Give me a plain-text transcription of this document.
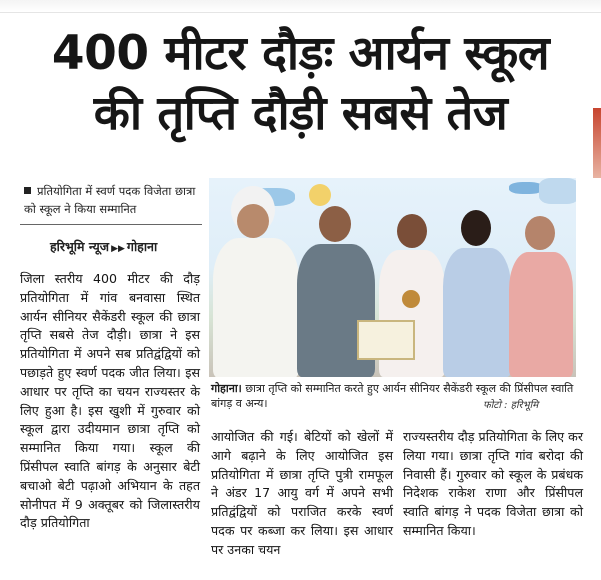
400 मीटर दौड़ः आर्यन स्कूल
की तृप्ति दौड़ी सबसे तेज
प्रतियोगिता में स्वर्ण पदक विजेता छात्रा को स्कूल ने किया सम्मानित
हरिभूमि न्यूज ▶▶ गोहाना
जिला स्तरीय 400 मीटर की दौड़ प्रतियोगिता में गांव बनवासा स्थित आर्यन सीनियर सैकेंडरी स्कूल की छात्रा तृप्ति सबसे तेज दौड़ी। छात्रा ने इस प्रतियोगिता में अपने सब प्रतिद्वंद्वियों को पछाड़ते हुए स्वर्ण पदक जीत लिया। इस आधार पर तृप्ति का चयन राज्यस्तर के लिए हुआ है। इस खुशी में गुरुवार को स्कूल द्वारा उदीयमान छात्रा तृप्ति को सम्मानित किया गया। स्कूल की प्रिंसीपल स्वाति बांगड़ के अनुसार बेटी बचाओ बेटी पढ़ाओ अभियान के तहत सोनीपत में 9 अक्तूबर को जिलास्तरीय दौड़ प्रतियोगिता
गोहाना। छात्रा तृप्ति को सम्मानित करते हुए आर्यन सीनियर सैकेंडरी स्कूल की प्रिंसीपल स्वाति बांगड़ व अन्य।	फोटो : हरिभूमि
आयोजित की गई। बेटियों को खेलों में आगे बढ़ाने के लिए आयोजित इस प्रतियोगिता में छात्रा तृप्ति पुत्री रामफूल ने अंडर 17 आयु वर्ग में अपने सभी प्रतिद्वंद्वियों को पराजित करके स्वर्ण पदक पर कब्जा कर लिया। इस आधार पर उनका चयन
राज्यस्तरीय दौड़ प्रतियोगिता के लिए कर लिया गया। छात्रा तृप्ति गांव बरोदा की निवासी हैं। गुरुवार को स्कूल के प्रबंधक निदेशक राकेश राणा और प्रिंसीपल स्वाति बांगड़ ने पदक विजेता छात्रा को सम्मानित किया।
